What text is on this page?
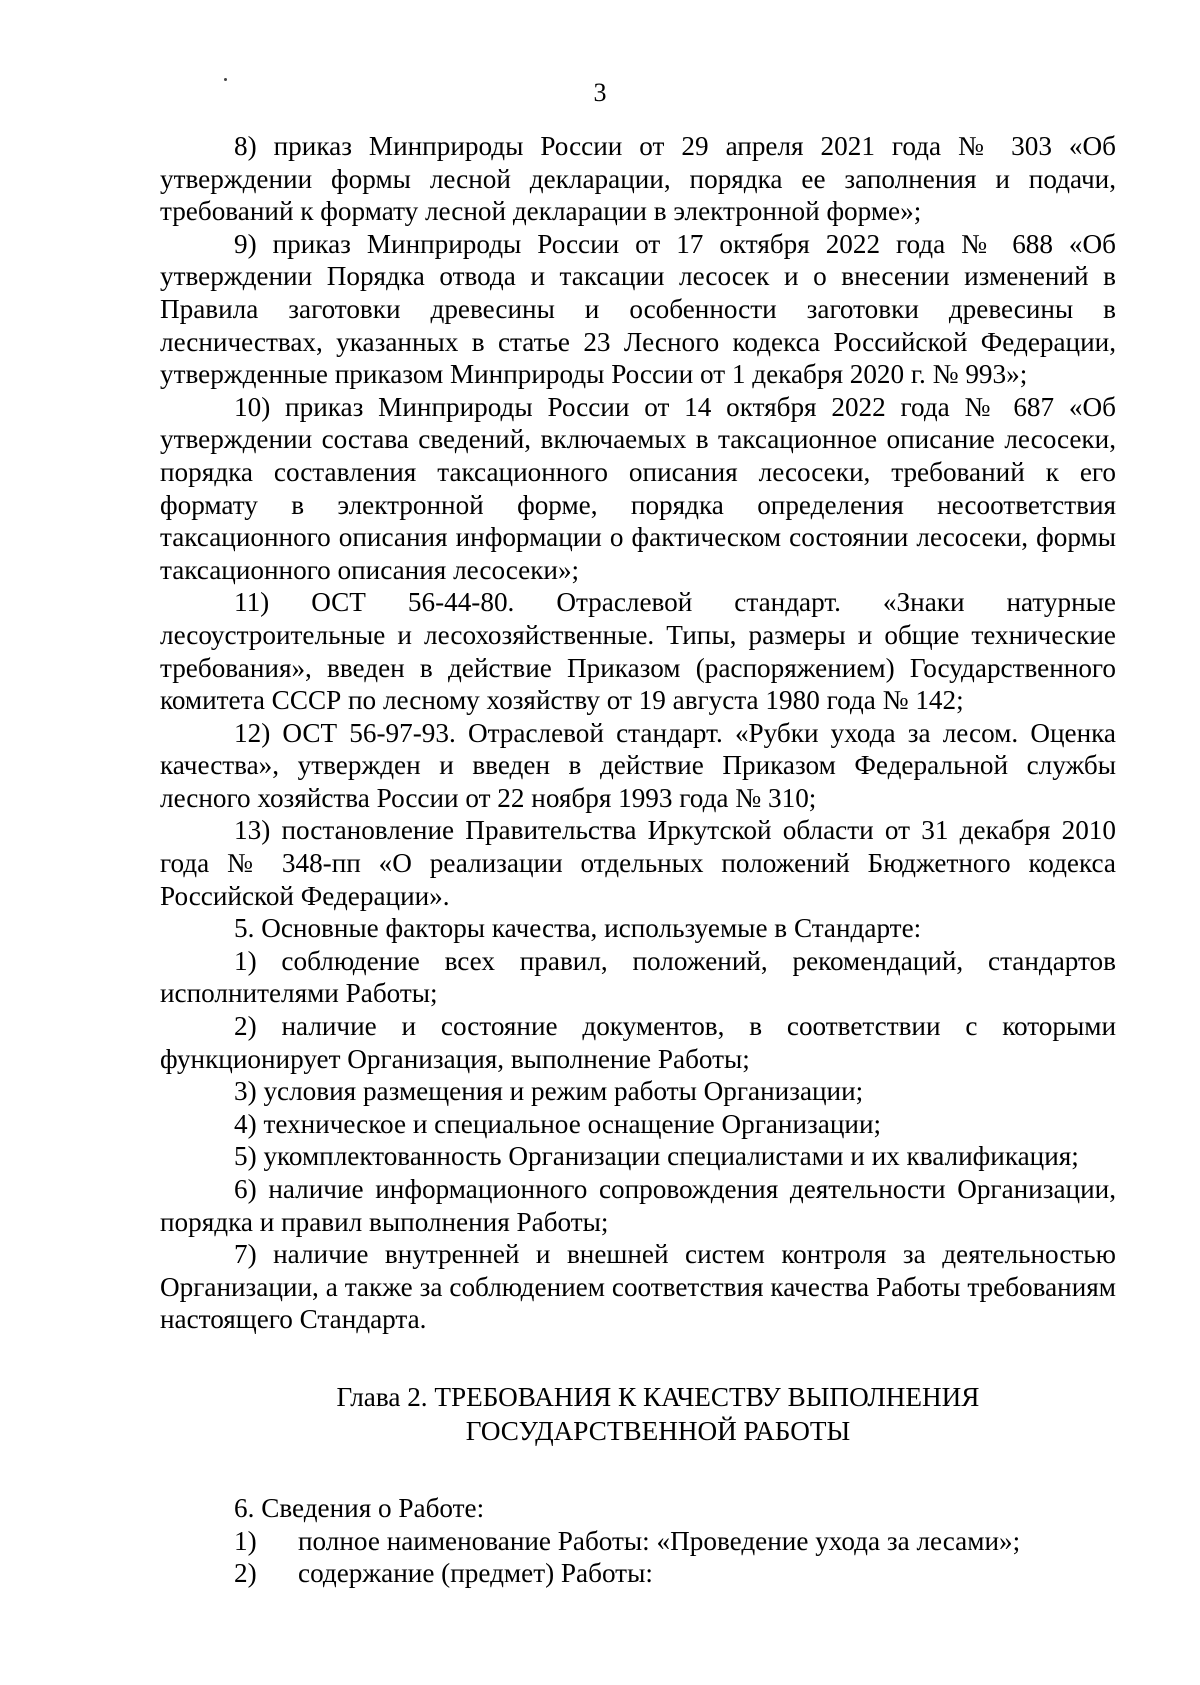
3

8) приказ Минприроды России от 29 апреля 2021 года № 303 «Об утверждении формы лесной декларации, порядка ее заполнения и подачи, требований к формату лесной декларации в электронной форме»;

9) приказ Минприроды России от 17 октября 2022 года № 688 «Об утверждении Порядка отвода и таксации лесосек и о внесении изменений в Правила заготовки древесины и особенности заготовки древесины в лесничествах, указанных в статье 23 Лесного кодекса Российской Федерации, утвержденные приказом Минприроды России от 1 декабря 2020 г. № 993»;

10) приказ Минприроды России от 14 октября 2022 года № 687 «Об утверждении состава сведений, включаемых в таксационное описание лесосеки, порядка составления таксационного описания лесосеки, требований к его формату в электронной форме, порядка определения несоответствия таксационного описания информации о фактическом состоянии лесосеки, формы таксационного описания лесосеки»;

11) ОСТ 56-44-80. Отраслевой стандарт. «Знаки натурные лесоустроительные и лесохозяйственные. Типы, размеры и общие технические требования», введен в действие Приказом (распоряжением) Государственного комитета СССР по лесному хозяйству от 19 августа 1980 года № 142;

12) ОСТ 56-97-93. Отраслевой стандарт. «Рубки ухода за лесом. Оценка качества», утвержден и введен в действие Приказом Федеральной службы лесного хозяйства России от 22 ноября 1993 года № 310;

13) постановление Правительства Иркутской области от 31 декабря 2010 года № 348-пп «О реализации отдельных положений Бюджетного кодекса Российской Федерации».

5. Основные факторы качества, используемые в Стандарте:

1) соблюдение всех правил, положений, рекомендаций, стандартов исполнителями Работы;

2) наличие и состояние документов, в соответствии с которыми функционирует Организация, выполнение Работы;

3) условия размещения и режим работы Организации;

4) техническое и специальное оснащение Организации;

5) укомплектованность Организации специалистами и их квалификация;

6) наличие информационного сопровождения деятельности Организации, порядка и правил выполнения Работы;

7) наличие внутренней и внешней систем контроля за деятельностью Организации, а также за соблюдением соответствия качества Работы требованиям настоящего Стандарта.

Глава 2. ТРЕБОВАНИЯ К КАЧЕСТВУ ВЫПОЛНЕНИЯ
ГОСУДАРСТВЕННОЙ РАБОТЫ

6. Сведения о Работе:

1)	полное наименование Работы: «Проведение ухода за лесами»;
2)	содержание (предмет) Работы:
